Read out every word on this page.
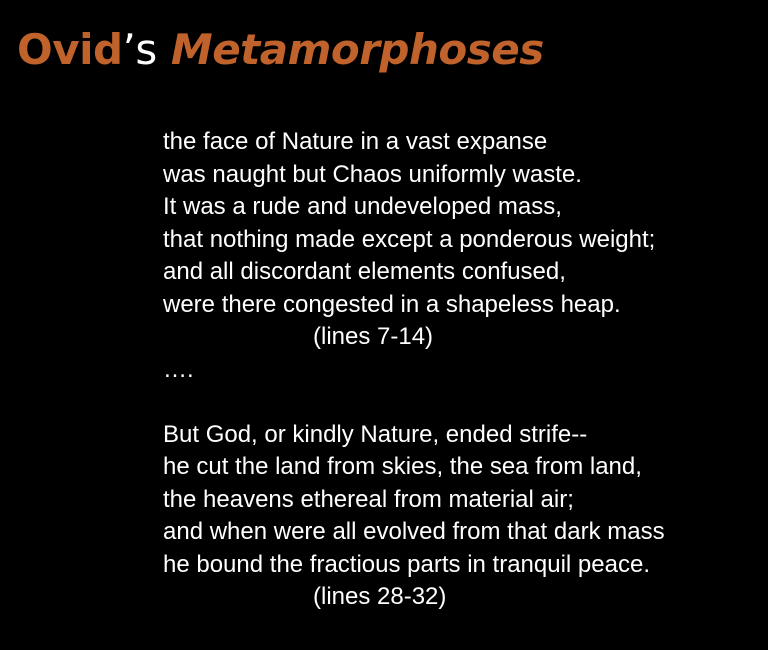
Ovid’s Metamorphoses
the face of Nature in a vast expanse
was naught but Chaos uniformly waste.
It was a rude and undeveloped mass,
that nothing made except a ponderous weight;
and all discordant elements confused,
were there congested in a shapeless heap.
(lines 7-14)
….
But God, or kindly Nature, ended strife--
he cut the land from skies, the sea from land,
the heavens ethereal from material air;
and when were all evolved from that dark mass
he bound the fractious parts in tranquil peace.
(lines 28-32)
